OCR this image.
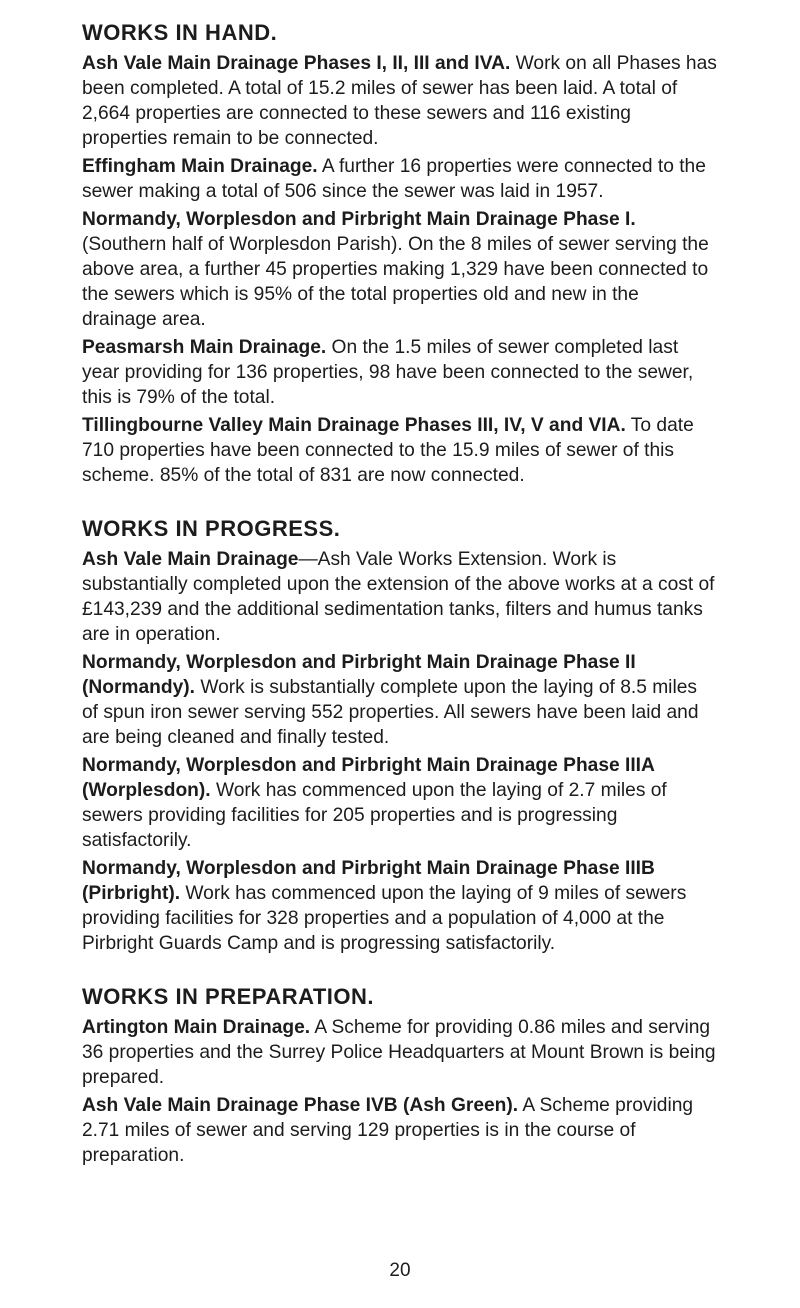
WORKS IN HAND.

Ash Vale Main Drainage Phases I, II, III and IVA. Work on all Phases has been completed. A total of 15.2 miles of sewer has been laid. A total of 2,664 properties are connected to these sewers and 116 existing properties remain to be connected.

Effingham Main Drainage. A further 16 properties were connected to the sewer making a total of 506 since the sewer was laid in 1957.

Normandy, Worplesdon and Pirbright Main Drainage Phase I. (Southern half of Worplesdon Parish). On the 8 miles of sewer serving the above area, a further 45 properties making 1,329 have been connected to the sewers which is 95% of the total properties old and new in the drainage area.

Peasmarsh Main Drainage. On the 1.5 miles of sewer completed last year providing for 136 properties, 98 have been connected to the sewer, this is 79% of the total.

Tillingbourne Valley Main Drainage Phases III, IV, V and VIA. To date 710 properties have been connected to the 15.9 miles of sewer of this scheme. 85% of the total of 831 are now connected.

WORKS IN PROGRESS.

Ash Vale Main Drainage—Ash Vale Works Extension. Work is substantially completed upon the extension of the above works at a cost of £143,239 and the additional sedimentation tanks, filters and humus tanks are in operation.

Normandy, Worplesdon and Pirbright Main Drainage Phase II (Normandy). Work is substantially complete upon the laying of 8.5 miles of spun iron sewer serving 552 properties. All sewers have been laid and are being cleaned and finally tested.

Normandy, Worplesdon and Pirbright Main Drainage Phase IIIA (Worplesdon). Work has commenced upon the laying of 2.7 miles of sewers providing facilities for 205 properties and is progressing satisfactorily.

Normandy, Worplesdon and Pirbright Main Drainage Phase IIIB (Pirbright). Work has commenced upon the laying of 9 miles of sewers providing facilities for 328 properties and a population of 4,000 at the Pirbright Guards Camp and is progressing satisfactorily.

WORKS IN PREPARATION.

Artington Main Drainage. A Scheme for providing 0.86 miles and serving 36 properties and the Surrey Police Headquarters at Mount Brown is being prepared.

Ash Vale Main Drainage Phase IVB (Ash Green). A Scheme providing 2.71 miles of sewer and serving 129 properties is in the course of preparation.

20
